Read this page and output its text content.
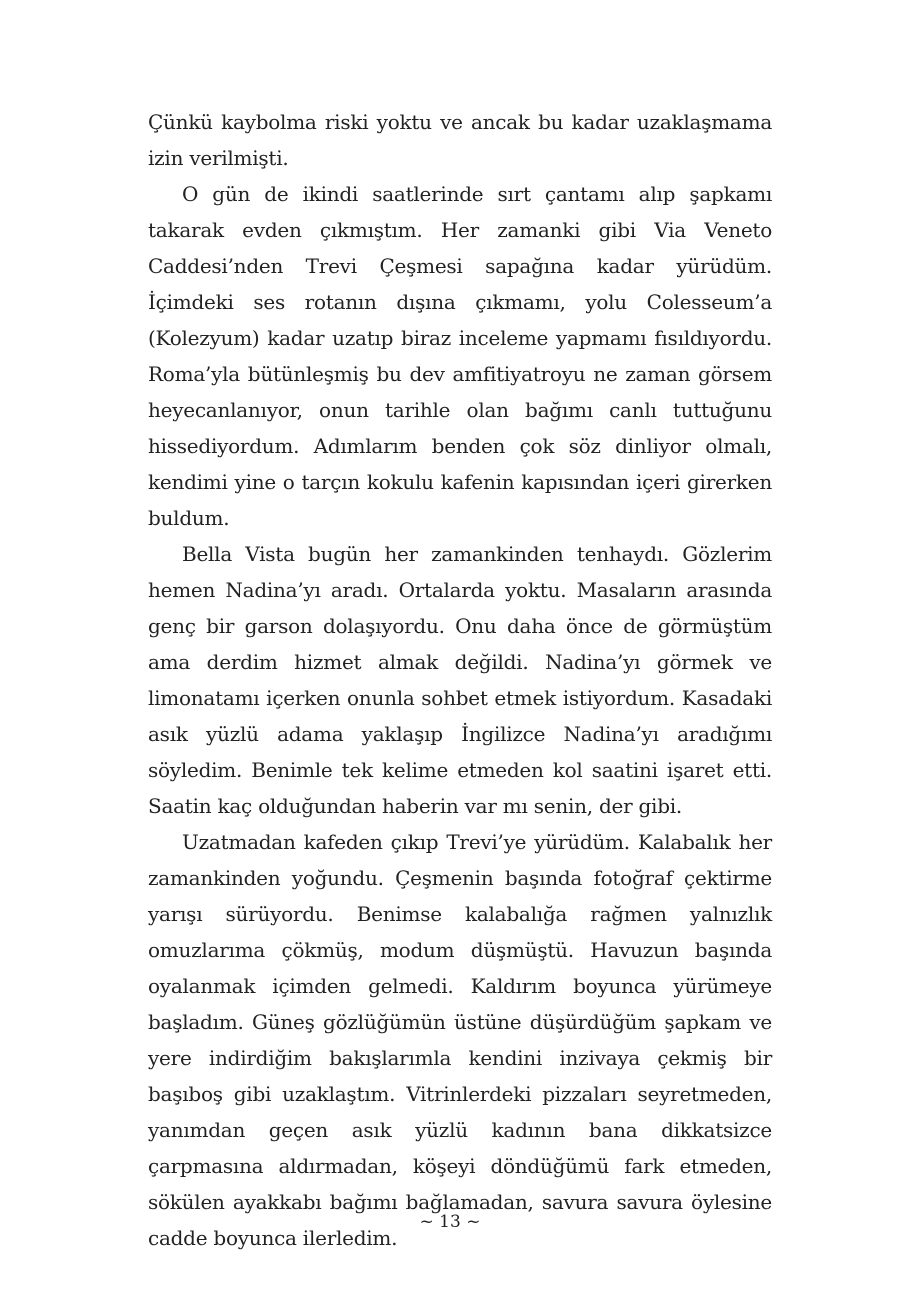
Çünkü kaybolma riski yoktu ve ancak bu kadar uzaklaşmama izin verilmişti.

O gün de ikindi saatlerinde sırt çantamı alıp şapkamı takarak evden çıkmıştım. Her zamanki gibi Via Veneto Caddesi’nden Trevi Çeşmesi sapağına kadar yürüdüm. İçimdeki ses rotanın dışına çıkmamı, yolu Colesseum’a (Kolezyum) kadar uzatıp biraz inceleme yapmamı fısıldıyordu. Roma’yla bütünleşmiş bu dev amfitiyatroyu ne zaman görsem heyecanlanıyor, onun tarihle olan bağımı canlı tuttuğunu hissediyordum. Adımlarım benden çok söz dinliyor olmalı, kendimi yine o tarçın kokulu kafenin kapısından içeri girerken buldum.

Bella Vista bugün her zamankinden tenhaydı. Gözlerim hemen Nadina’yı aradı. Ortalarda yoktu. Masaların arasında genç bir garson dolaşıyordu. Onu daha önce de görmüştüm ama derdim hizmet almak değildi. Nadina’yı görmek ve limonatamı içerken onunla sohbet etmek istiyordum. Kasadaki asık yüzlü adama yaklaşıp İngilizce Nadina’yı aradığımı söyledim. Benimle tek kelime etmeden kol saatini işaret etti. Saatin kaç olduğundan haberin var mı senin, der gibi.

Uzatmadan kafeden çıkıp Trevi’ye yürüdüm. Kalabalık her zamankinden yoğundu. Çeşmenin başında fotoğraf çektirme yarışı sürüyordu. Benimse kalabalığa rağmen yalnızlık omuzlarıma çökmüş, modum düşmüştü. Havuzun başında oyalanmak içimden gelmedi. Kaldırım boyunca yürümeye başladım. Güneş gözlüğümün üstüne düşürdüğüm şapkam ve yere indirdiğim bakışlarımla kendini inzivaya çekmiş bir başıboş gibi uzaklaştım. Vitrinlerdeki pizzaları seyretmeden, yanımdan geçen asık yüzlü kadının bana dikkatsizce çarpmasına aldırmadan, köşeyi döndüğümü fark etmeden, sökülen ayakkabı bağımı bağlamadan, savura savura öylesine cadde boyunca ilerledim.

~ 13 ~
